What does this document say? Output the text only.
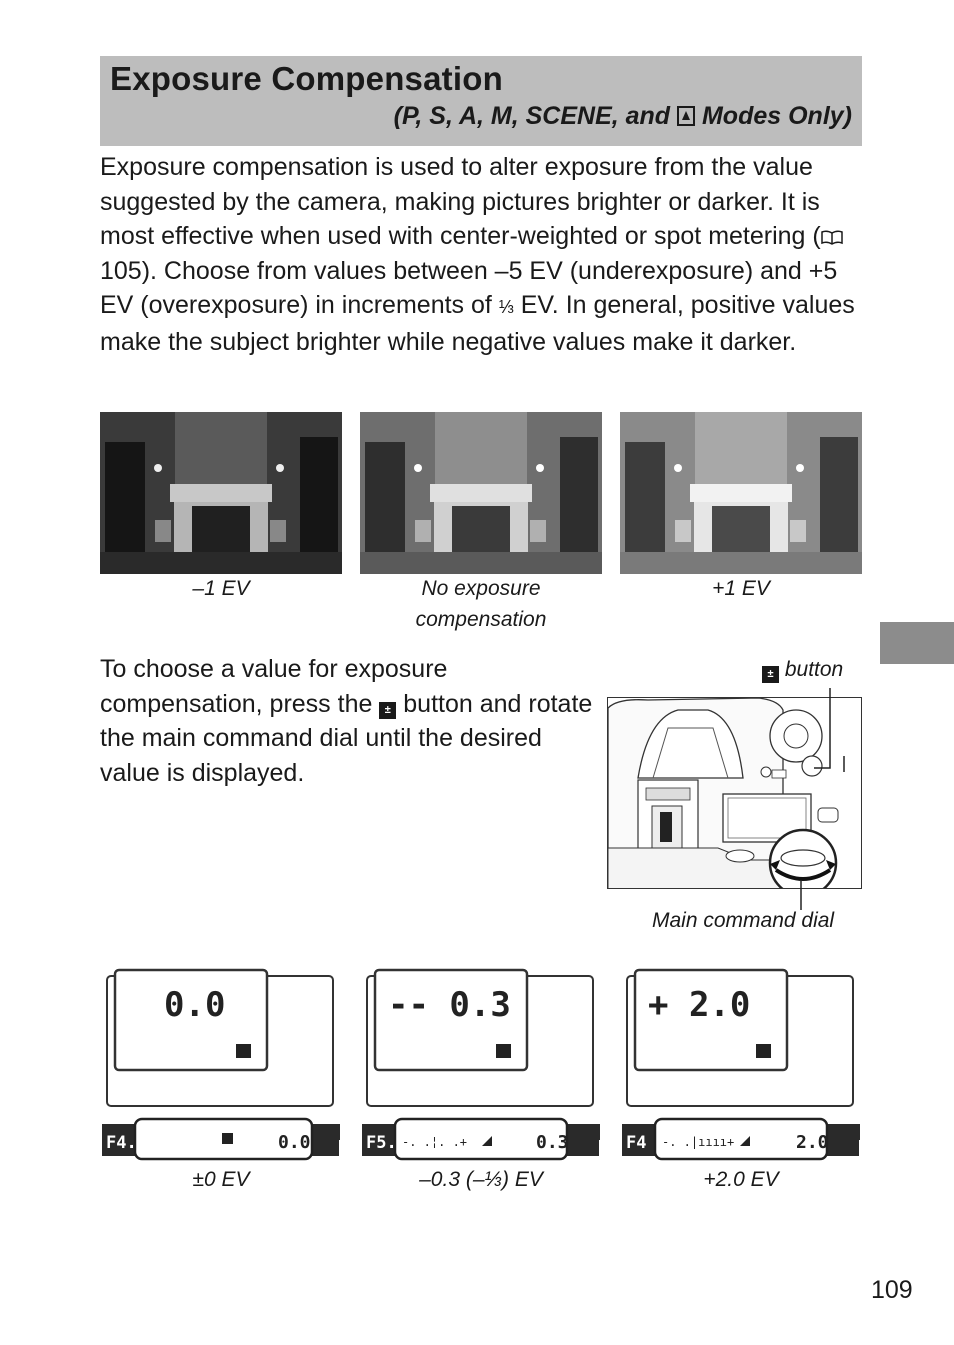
Exposure Compensation
(P, S, A, M, SCENE, and  Modes Only)

Exposure compensation is used to alter exposure from the value suggested by the camera, making pictures brighter or darker. It is most effective when used with center-weighted or spot metering ( 105). Choose from values between –5 EV (underexposure) and +5 EV (overexposure) in increments of ⅓ EV. In general, positive values make the subject brighter while negative values make it darker.

–1 EV	No exposure compensation
+1 EV

To choose a value for exposure compensation, press the ± button and rotate the main command dial until the desired value is displayed.

± button
Main command dial
0.0	-- 0.3	+ 2.0
F4.5	0.0	F5.6
-. .¦. .+	0.3	F4 -. .|ıııı+	2.0
±0 EV	–0.3 (–⅓) EV	+2.0 EV
109
